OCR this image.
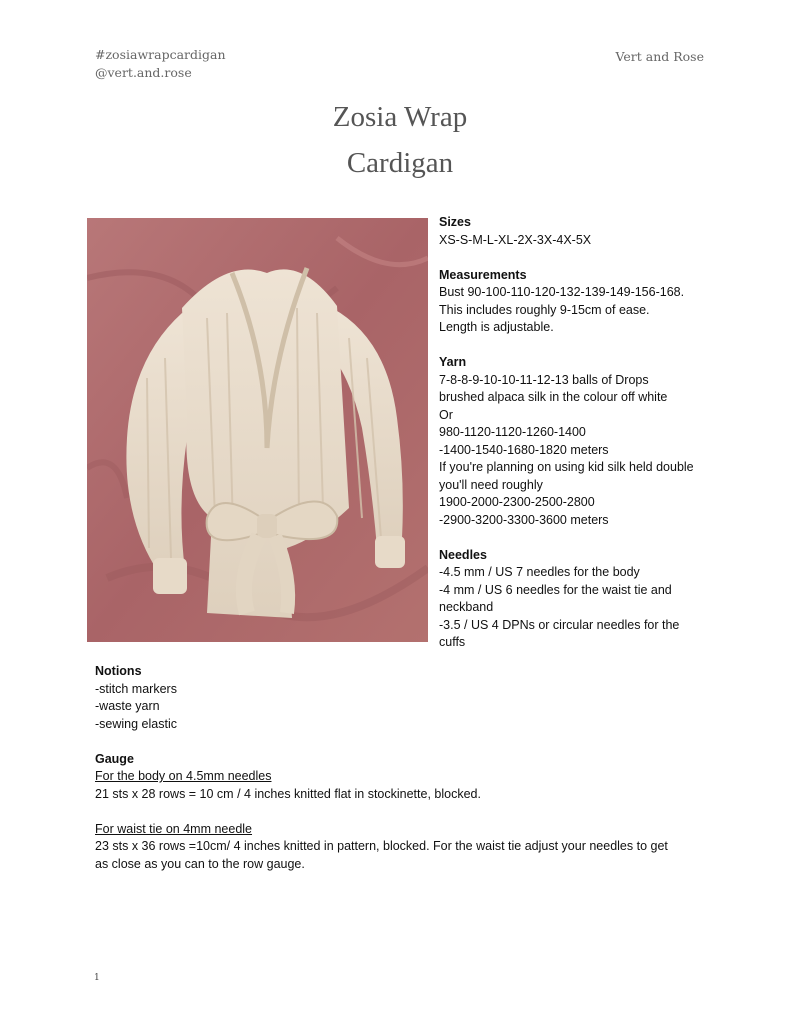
#zosiawrapcardigan
@vert.and.rose
Vert and Rose
Zosia Wrap
Cardigan
Sizes
XS-S-M-L-XL-2X-3X-4X-5X
Measurements
Bust 90-100-110-120-132-139-149-156-168.
This includes roughly 9-15cm of ease.
Length is adjustable.
Yarn
7-8-8-9-10-10-11-12-13 balls of Drops
brushed alpaca silk in the colour off white
Or
980-1120-1120-1260-1400
-1400-1540-1680-1820 meters
If you're planning on using kid silk held double
you'll need roughly
1900-2000-2300-2500-2800
-2900-3200-3300-3600 meters
Needles
-4.5 mm / US 7 needles for the body
-4 mm / US 6 needles for the waist tie and
neckband
-3.5 / US 4 DPNs or circular needles for the
cuffs
Notions
-stitch markers
-waste yarn
-sewing elastic
Gauge
For the body on 4.5mm needles
21 sts x 28 rows = 10 cm / 4 inches knitted flat in stockinette, blocked.
For waist tie on 4mm needle
23 sts x 36 rows =10cm/ 4 inches knitted in pattern, blocked. For the waist tie adjust your needles to get
as close as you can to the row gauge.
1
